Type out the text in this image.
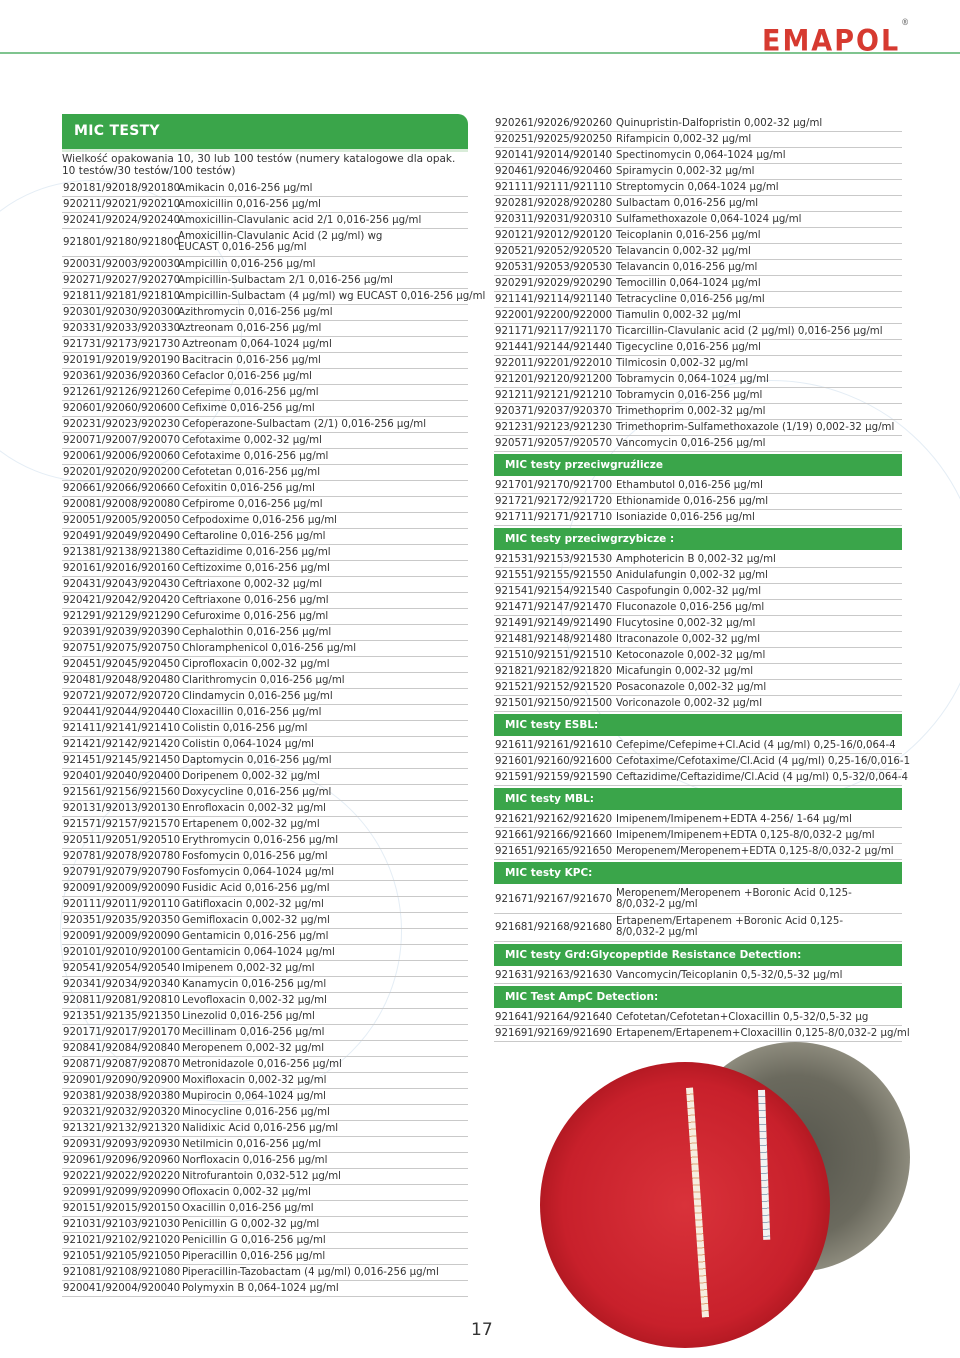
EMAPOL®
MIC TESTY
Wielkość opakowania 10, 30 lub 100 testów (numery katalogowe dla opak. 10 testów/30 testów/100 testów)
920181/92018/920180
Amikacin 0,016-256 µg/ml
920211/92021/920210
Amoxicillin 0,016-256 µg/ml
920241/92024/920240
Amoxicillin-Clavulanic acid 2/1 0,016-256 µg/ml
921801/92180/921800
Amoxicillin-Clavulanic Acid (2 µg/ml) wg EUCAST 0,016-256 µg/ml
920031/92003/920030
Ampicillin 0,016-256 µg/ml
920271/92027/920270
Ampicillin-Sulbactam 2/1 0,016-256 µg/ml
921811/92181/921810
Ampicillin-Sulbactam (4 µg/ml) wg EUCAST 0,016-256 µg/ml
920301/92030/920300
Azithromycin 0,016-256 µg/ml
920331/92033/920330
Aztreonam 0,016-256 µg/ml
921731/92173/921730 Aztreonam 0,064-1024 µg/ml
920191/92019/920190 Bacitracin 0,016-256 µg/ml
920361/92036/920360 Cefaclor 0,016-256 µg/ml
921261/92126/921260 Cefepime 0,016-256 µg/ml
920601/92060/920600 Cefixime 0,016-256 µg/ml
920231/92023/920230 Cefoperazone-Sulbactam (2/1) 0,016-256 µg/ml
920071/92007/920070 Cefotaxime 0,002-32 µg/ml
920061/92006/920060 Cefotaxime 0,016-256 µg/ml
920201/92020/920200 Cefotetan 0,016-256 µg/ml
920661/92066/920660 Cefoxitin 0,016-256 µg/ml
920081/92008/920080 Cefpirome 0,016-256 µg/ml
920051/92005/920050 Cefpodoxime 0,016-256 µg/ml
920491/92049/920490 Ceftaroline 0,016-256 µg/ml
921381/92138/921380 Ceftazidime 0,016-256 µg/ml
920161/92016/920160 Ceftizoxime 0,016-256 µg/ml
920431/92043/920430 Ceftriaxone 0,002-32 µg/ml
920421/92042/920420 Ceftriaxone 0,016-256 µg/ml
921291/92129/921290 Cefuroxime 0,016-256 µg/ml
920391/92039/920390 Cephalothin 0,016-256 µg/ml
920751/92075/920750 Chloramphenicol 0,016-256 µg/ml
920451/92045/920450 Ciprofloxacin 0,002-32 µg/ml
920481/92048/920480 Clarithromycin 0,016-256 µg/ml
920721/92072/920720 Clindamycin 0,016-256 µg/ml
920441/92044/920440 Cloxacillin 0,016-256 µg/ml
921411/92141/921410 Colistin 0,016-256 µg/ml
921421/92142/921420 Colistin 0,064-1024 µg/ml
921451/92145/921450 Daptomycin 0,016-256 µg/ml
920401/92040/920400 Doripenem 0,002-32 µg/ml
921561/92156/921560 Doxycycline 0,016-256 µg/ml
920131/92013/920130 Enrofloxacin 0,002-32 µg/ml
921571/92157/921570 Ertapenem 0,002-32 µg/ml
920511/92051/920510 Erythromycin 0,016-256 µg/ml
920781/92078/920780 Fosfomycin 0,016-256 µg/ml
920791/92079/920790 Fosfomycin 0,064-1024 µg/ml
920091/92009/920090 Fusidic Acid 0,016-256 µg/ml
920111/92011/920110 Gatifloxacin 0,002-32 µg/ml
920351/92035/920350 Gemifloxacin 0,002-32 µg/ml
920091/92009/920090 Gentamicin 0,016-256 µg/ml
920101/92010/920100 Gentamicin 0,064-1024 µg/ml
920541/92054/920540 Imipenem 0,002-32 µg/ml
920341/92034/920340 Kanamycin 0,016-256 µg/ml
920811/92081/920810 Levofloxacin 0,002-32 µg/ml
921351/92135/921350 Linezolid 0,016-256 µg/ml
920171/92017/920170 Mecillinam 0,016-256 µg/ml
920841/92084/920840 Meropenem 0,002-32 µg/ml
920871/92087/920870 Metronidazole 0,016-256 µg/ml
920901/92090/920900 Moxifloxacin 0,002-32 µg/ml
920381/92038/920380 Mupirocin 0,064-1024 µg/ml
920321/92032/920320 Minocycline 0,016-256 µg/ml
921321/92132/921320 Nalidixic Acid 0,016-256 µg/ml
920931/92093/920930 Netilmicin 0,016-256 µg/ml
920961/92096/920960 Norfloxacin 0,016-256 µg/ml
920221/92022/920220 Nitrofurantoin 0,032-512 µg/ml
920991/92099/920990 Ofloxacin 0,002-32 µg/ml
920151/92015/920150 Oxacillin 0,016-256 µg/ml
921031/92103/921030 Penicillin G 0,002-32 µg/ml
921021/92102/921020 Penicillin G 0,016-256 µg/ml
921051/92105/921050 Piperacillin 0,016-256 µg/ml
921081/92108/921080 Piperacillin-Tazobactam (4 µg/ml) 0,016-256 µg/ml
920041/92004/920040 Polymyxin B 0,064-1024 µg/ml
920261/92026/920260 Quinupristin-Dalfopristin 0,002-32 µg/ml
920251/92025/920250 Rifampicin 0,002-32 µg/ml
920141/92014/920140 Spectinomycin 0,064-1024 µg/ml
920461/92046/920460 Spiramycin 0,002-32 µg/ml
921111/92111/921110 Streptomycin 0,064-1024 µg/ml
920281/92028/920280 Sulbactam 0,016-256 µg/ml
920311/92031/920310 Sulfamethoxazole 0,064-1024 µg/ml
920121/92012/920120 Teicoplanin 0,016-256 µg/ml
920521/92052/920520 Telavancin 0,002-32 µg/ml
920531/92053/920530 Telavancin 0,016-256 µg/ml
920291/92029/920290 Temocillin 0,064-1024 µg/ml
921141/92114/921140 Tetracycline 0,016-256 µg/ml
922001/92200/922000 Tiamulin 0,002-32 µg/ml
921171/92117/921170 Ticarcillin-Clavulanic acid (2 µg/ml) 0,016-256 µg/ml
921441/92144/921440 Tigecycline 0,016-256 µg/ml
922011/92201/922010 Tilmicosin 0,002-32 µg/ml
921201/92120/921200 Tobramycin 0,064-1024 µg/ml
921211/92121/921210 Tobramycin 0,016-256 µg/ml
920371/92037/920370 Trimethoprim 0,002-32 µg/ml
921231/92123/921230 Trimethoprim-Sulfamethoxazole (1/19) 0,002-32 µg/ml
920571/92057/920570 Vancomycin 0,016-256 µg/ml
MIC testy przeciwgruźlicze
921701/92170/921700 Ethambutol 0,016-256 µg/ml
921721/92172/921720 Ethionamide 0,016-256 µg/ml
921711/92171/921710 Isoniazide 0,016-256 µg/ml
MIC testy przeciwgrzybicze :
921531/92153/921530 Amphotericin B 0,002-32 µg/ml
921551/92155/921550 Anidulafungin 0,002-32 µg/ml
921541/92154/921540 Caspofungin 0,002-32 µg/ml
921471/92147/921470 Fluconazole 0,016-256 µg/ml
921491/92149/921490 Flucytosine 0,002-32 µg/ml
921481/92148/921480 Itraconazole 0,002-32 µg/ml
921510/92151/921510 Ketoconazole 0,002-32 µg/ml
921821/92182/921820 Micafungin 0,002-32 µg/ml
921521/92152/921520 Posaconazole 0,002-32 µg/ml
921501/92150/921500 Voriconazole 0,002-32 µg/ml
MIC testy ESBL:
921611/92161/921610 Cefepime/Cefepime+Cl.Acid (4 µg/ml) 0,25-16/0,064-4
921601/92160/921600 Cefotaxime/Cefotaxime/Cl.Acid (4 µg/ml) 0,25-16/0,016-1
921591/92159/921590 Ceftazidime/Ceftazidime/Cl.Acid (4 µg/ml) 0,5-32/0,064-4
MIC testy MBL:
921621/92162/921620 Imipenem/Imipenem+EDTA 4-256/ 1-64 µg/ml
921661/92166/921660 Imipenem/Imipenem+EDTA 0,125-8/0,032-2 µg/ml
921651/92165/921650 Meropenem/Meropenem+EDTA 0,125-8/0,032-2 µg/ml
MIC testy KPC:
921671/92167/921670
Meropenem/Meropenem +Boronic Acid 0,125-8/0,032-2 µg/ml
921681/92168/921680
Ertapenem/Ertapenem +Boronic Acid 0,125-8/0,032-2 µg/ml
MIC testy Grd:Glycopeptide Resistance Detection:
921631/92163/921630 Vancomycin/Teicoplanin 0,5-32/0,5-32 µg/ml
MIC Test AmpC Detection:
921641/92164/921640 Cefotetan/Cefotetan+Cloxacillin 0,5-32/0,5-32 µg
921691/92169/921690 Ertapenem/Ertapenem+Cloxacillin 0,125-8/0,032-2 µg/ml
17
